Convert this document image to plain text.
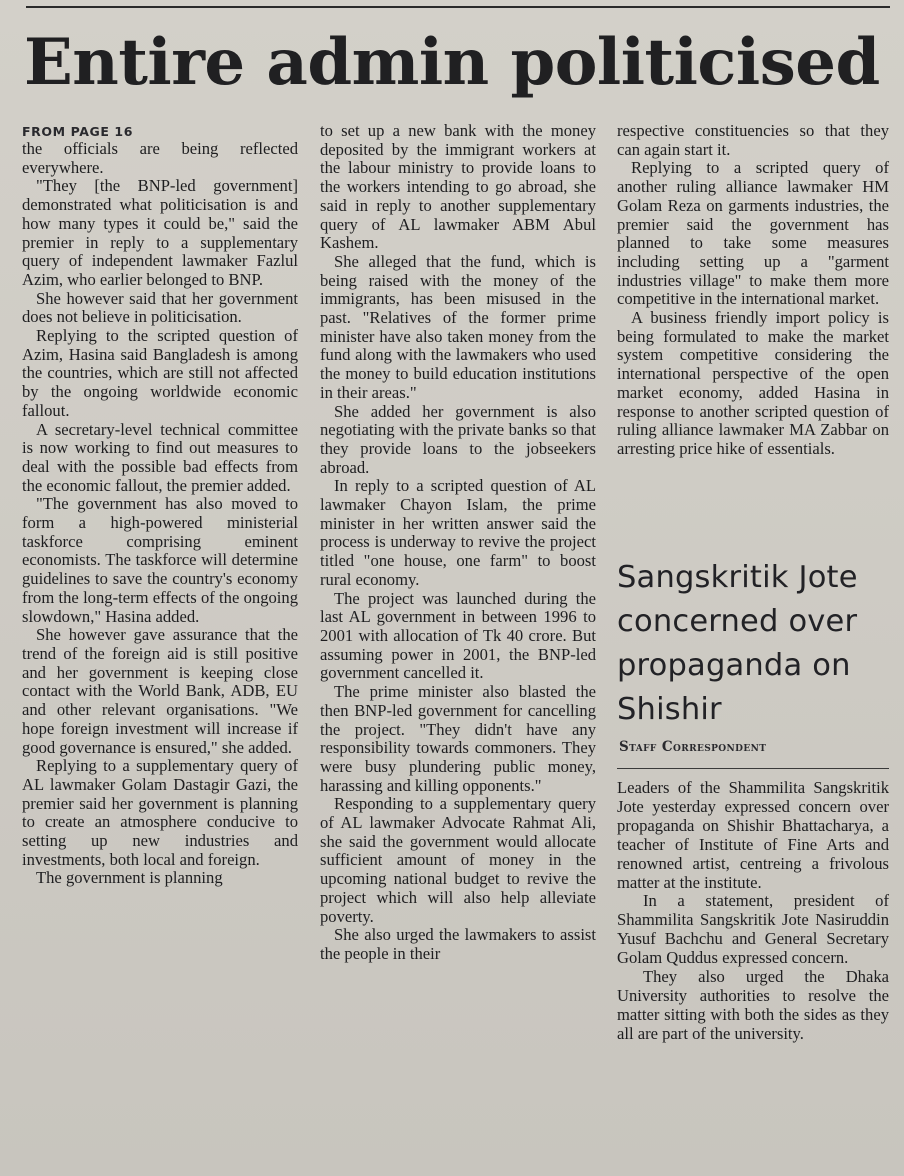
Entire admin politicised
FROM PAGE 16

the officials are being reflected everywhere.

"They [the BNP-led government] demonstrated what politicisation is and how many types it could be," said the premier in reply to a supplementary query of independent lawmaker Fazlul Azim, who earlier belonged to BNP.

She however said that her government does not believe in politicisation.

Replying to the scripted question of Azim, Hasina said Bangladesh is among the countries, which are still not affected by the ongoing worldwide economic fallout.

A secretary-level technical committee is now working to find out measures to deal with the possible bad effects from the economic fallout, the premier added.

"The government has also moved to form a high-powered ministerial taskforce comprising eminent economists. The taskforce will determine guidelines to save the country's economy from the long-term effects of the ongoing slowdown," Hasina added.

She however gave assurance that the trend of the foreign aid is still positive and her government is keeping close contact with the World Bank, ADB, EU and other relevant organisations. "We hope foreign investment will increase if good governance is ensured," she added.

Replying to a supplementary query of AL lawmaker Golam Dastagir Gazi, the premier said her government is planning to create an atmosphere conducive to setting up new industries and investments, both local and foreign.

The government is planning

to set up a new bank with the money deposited by the immigrant workers at the labour ministry to provide loans to the workers intending to go abroad, she said in reply to another supplementary query of AL lawmaker ABM Abul Kashem.

She alleged that the fund, which is being raised with the money of the immigrants, has been misused in the past. "Relatives of the former prime minister have also taken money from the fund along with the lawmakers who used the money to build education institutions in their areas."

She added her government is also negotiating with the private banks so that they provide loans to the jobseekers abroad.

In reply to a scripted question of AL lawmaker Chayon Islam, the prime minister in her written answer said the process is underway to revive the project titled "one house, one farm" to boost rural economy.

The project was launched during the last AL government in between 1996 to 2001 with allocation of Tk 40 crore. But assuming power in 2001, the BNP-led government cancelled it.

The prime minister also blasted the then BNP-led government for cancelling the project. "They didn't have any responsibility towards commoners. They were busy plundering public money, harassing and killing opponents."

Responding to a supplementary query of AL lawmaker Advocate Rahmat Ali, she said the government would allocate sufficient amount of money in the upcoming national budget to revive the project which will also help alleviate poverty.

She also urged the lawmakers to assist the people in their

respective constituencies so that they can again start it.

Replying to a scripted query of another ruling alliance lawmaker HM Golam Reza on garments industries, the premier said the government has planned to take some measures including setting up a "garment industries village" to make them more competitive in the international market.

A business friendly import policy is being formulated to make the market system competitive considering the international perspective of the open market economy, added Hasina in response to another scripted question of ruling alliance lawmaker MA Zabbar on arresting price hike of essentials.

Sangskritik Jote concerned over propaganda on Shishir
Staff Correspondent

Leaders of the Shammilita Sangskritik Jote yesterday expressed concern over propaganda on Shishir Bhattacharya, a teacher of Institute of Fine Arts and renowned artist, centreing a frivolous matter at the institute.

In a statement, president of Shammilita Sangskritik Jote Nasiruddin Yusuf Bachchu and General Secretary Golam Quddus expressed concern.

They also urged the Dhaka University authorities to resolve the matter sitting with both the sides as they all are part of the university.
